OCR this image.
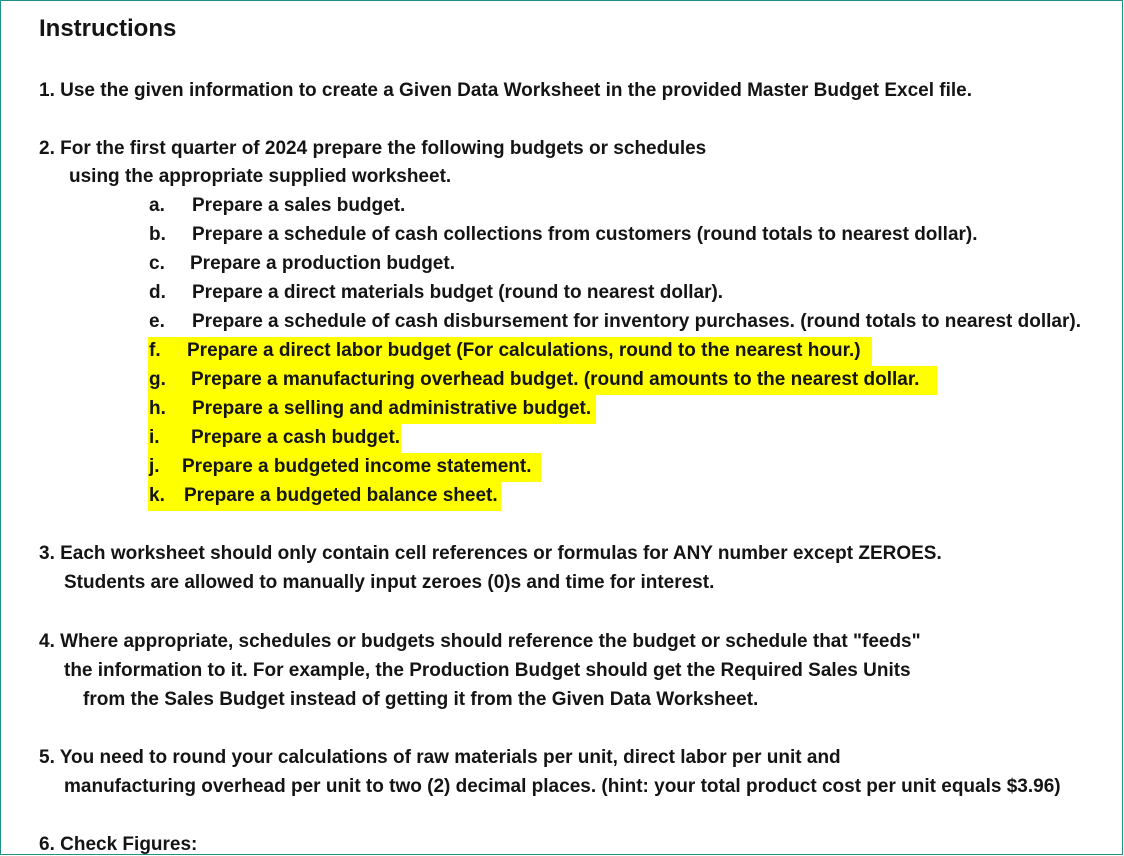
Instructions
1. Use the given information to create a Given Data Worksheet in the provided Master Budget Excel file.
2. For the first quarter of 2024 prepare the following budgets or schedules
using the appropriate supplied worksheet.
a. Prepare a sales budget.
b. Prepare a schedule of cash collections from customers (round totals to nearest dollar).
c. Prepare a production budget.
d. Prepare a direct materials budget (round to nearest dollar).
e. Prepare a schedule of cash disbursement for inventory purchases. (round totals to nearest dollar).
f. Prepare a direct labor budget (For calculations, round to the nearest hour.)
g. Prepare a manufacturing overhead budget. (round amounts to the nearest dollar.
h. Prepare a selling and administrative budget.
i. Prepare a cash budget.
j. Prepare a budgeted income statement.
k. Prepare a budgeted balance sheet.
3. Each worksheet should only contain cell references or formulas for ANY number except ZEROES.
Students are allowed to manually input zeroes (0)s and time for interest.
4. Where appropriate, schedules or budgets should reference the budget or schedule that "feeds"
the information to it. For example, the Production Budget should get the Required Sales Units
from the Sales Budget instead of getting it from the Given Data Worksheet.
5. You need to round your calculations of raw materials per unit, direct labor per unit and
manufacturing overhead per unit to two (2) decimal places. (hint: your total product cost per unit equals $3.96)
6. Check Figures:
